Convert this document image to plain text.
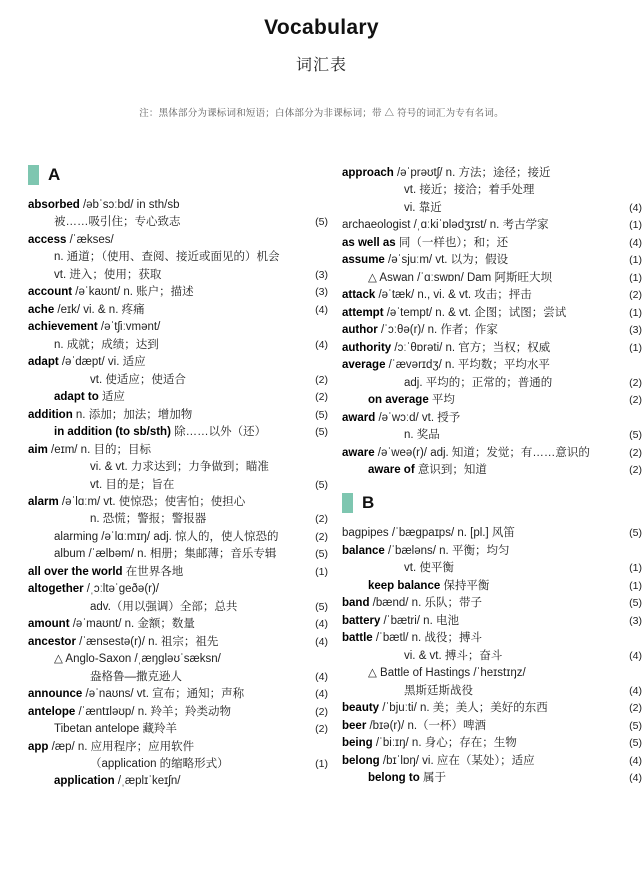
Vocabulary
词汇表
注：黑体部分为课标词和短语；白体部分为非课标词；带 △ 符号的词汇为专有名词。
A
absorbed /əbˈsɔːbd/ in sth/sb
被……吸引住；专心致志	(5)
access /ˈækses/
n. 通道；（使用、查阅、接近或面见的）机会
vt. 进入；使用；获取	(3)
account /əˈkaʊnt/ n. 账户；描述	(3)
ache /eɪk/ vi. & n. 疼痛	(4)
achievement /əˈtʃiːvmənt/
n. 成就；成绩；达到	(4)
adapt /əˈdæpt/ vi. 适应
vt. 使适应；使适合	(2)
adapt to 适应	(2)
addition n. 添加；加法；增加物	(5)
in addition (to sb/sth) 除……以外（还）	(5)
aim /eɪm/ n. 目的；目标
vi. & vt. 力求达到；力争做到；瞄准
vt. 目的是；旨在	(5)
alarm /əˈlɑːm/ vt. 使惊恐；使害怕；使担心
n. 恐慌；警报；警报器	(2)
alarming /əˈlɑːmɪŋ/ adj. 惊人的，使人惊恐的	(2)
album /ˈælbəm/ n. 相册；集邮薄；音乐专辑	(5)
all over the world 在世界各地	(1)
altogether /ˌɔːltəˈɡeðə(r)/
adv.（用以强调）全部；总共	(5)
amount /əˈmaʊnt/ n. 金额；数量	(4)
ancestor /ˈænsestə(r)/ n. 祖宗；祖先	(4)
△ Anglo-Saxon /ˌæŋɡləʊˈsæksn/
盎格鲁—撒克逊人	(4)
announce /əˈnaʊns/ vt. 宣布；通知；声称	(4)
antelope /ˈæntɪləʊp/ n. 羚羊；羚类动物	(2)
Tibetan antelope 藏羚羊	(2)
app /æp/ n. 应用程序；应用软件
（application 的缩略形式）	(1)
application /ˌæplɪˈkeɪʃn/
approach /əˈprəʊtʃ/ n. 方法；途径；接近
vt. 接近；接洽；着手处理
vi. 靠近	(4)
archaeologist /ˌɑːkiˈɒlədʒɪst/ n. 考古学家	(1)
as well as 同（一样也）；和；还	(4)
assume /əˈsjuːm/ vt. 以为；假设	(1)
△ Aswan /ˈɑːswɒn/ Dam 阿斯旺大坝	(1)
attack /əˈtæk/ n., vi. & vt. 攻击；抨击	(2)
attempt /əˈtempt/ n. & vt. 企图；试图；尝试	(1)
author /ˈɔːθə(r)/ n. 作者；作家	(3)
authority /ɔːˈθɒrəti/ n. 官方；当权；权威	(1)
average /ˈævərɪdʒ/ n. 平均数；平均水平
adj. 平均的；正常的；普通的	(2)
on average 平均	(2)
award /əˈwɔːd/ vt. 授予
n. 奖品	(5)
aware /əˈweə(r)/ adj. 知道；发觉；有……意识的	(2)
aware of 意识到；知道	(2)
B
bagpipes /ˈbæɡpaɪps/ n. [pl.] 风笛	(5)
balance /ˈbæləns/ n. 平衡；均匀
vt. 使平衡	(1)
keep balance 保持平衡	(1)
band /bænd/ n. 乐队；带子	(5)
battery /ˈbætri/ n. 电池	(3)
battle /ˈbætl/ n. 战役；搏斗
vi. & vt. 搏斗；奋斗	(4)
△ Battle of Hastings /ˈheɪstɪŋz/
黑斯廷斯战役	(4)
beauty /ˈbjuːti/ n. 美；美人；美好的东西	(2)
beer /bɪə(r)/ n.（一杯）啤酒	(5)
being /ˈbiːɪŋ/ n. 身心；存在；生物	(5)
belong /bɪˈlɒŋ/ vi. 应在（某处）；适应	(4)
belong to 属于	(4)
